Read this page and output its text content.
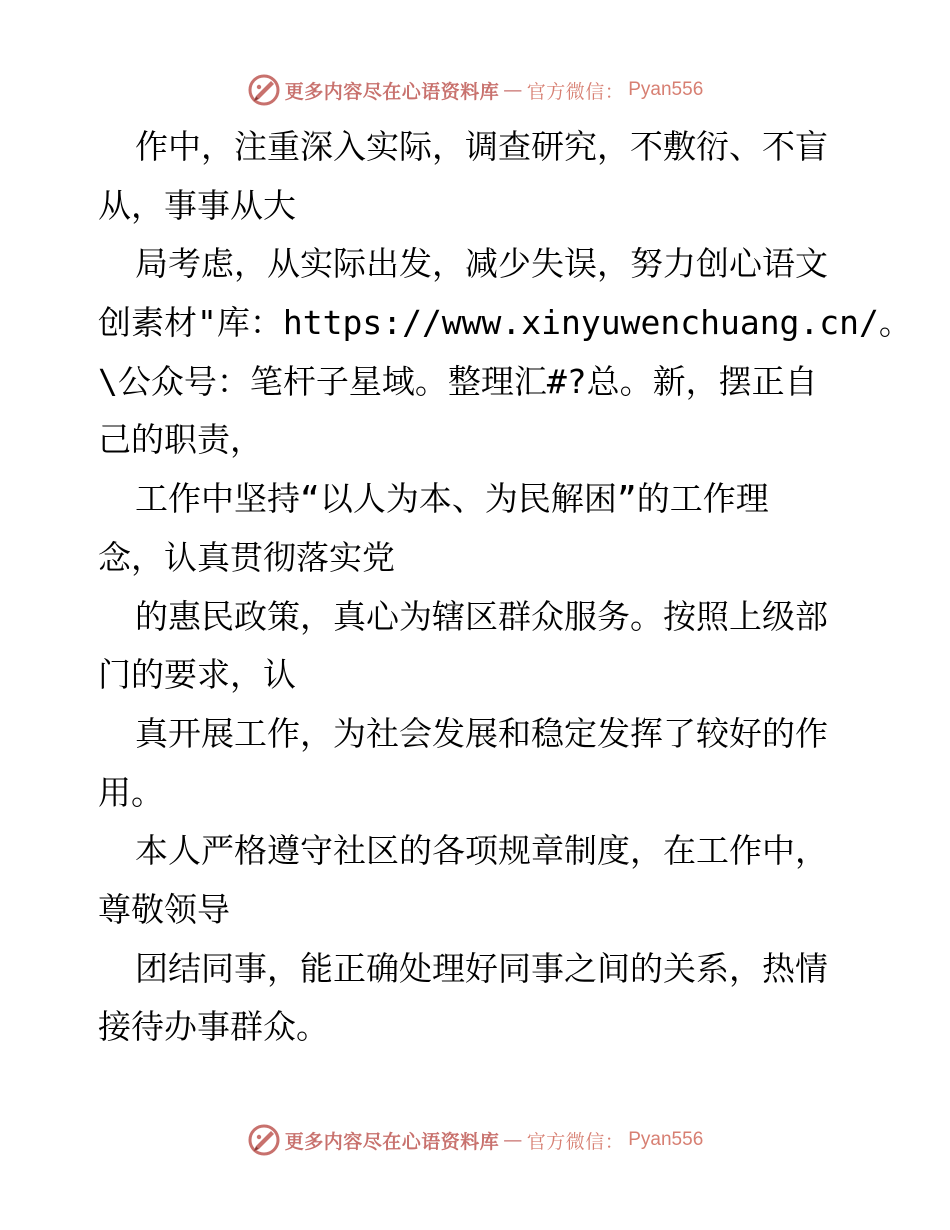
更多内容尽在心语资料库 — 官方微信： Pyan556

作中，注重深入实际，调查研究，不敷衍、不盲

从，事事从大

局考虑，从实际出发，减少失误，努力创心语文

创素材"库：https://www.xinyuwenchuang.cn/。

\公众号：笔杆子星域。整理汇#?总。新，摆正自

己的职责，

工作中坚持“以人为本、为民解困”的工作理

念，认真贯彻落实党

的惠民政策，真心为辖区群众服务。按照上级部

门的要求，认

真开展工作，为社会发展和稳定发挥了较好的作

用。

本人严格遵守社区的各项规章制度，在工作中，

尊敬领导

团结同事，能正确处理好同事之间的关系，热情

接待办事群众。

更多内容尽在心语资料库 — 官方微信： Pyan556
